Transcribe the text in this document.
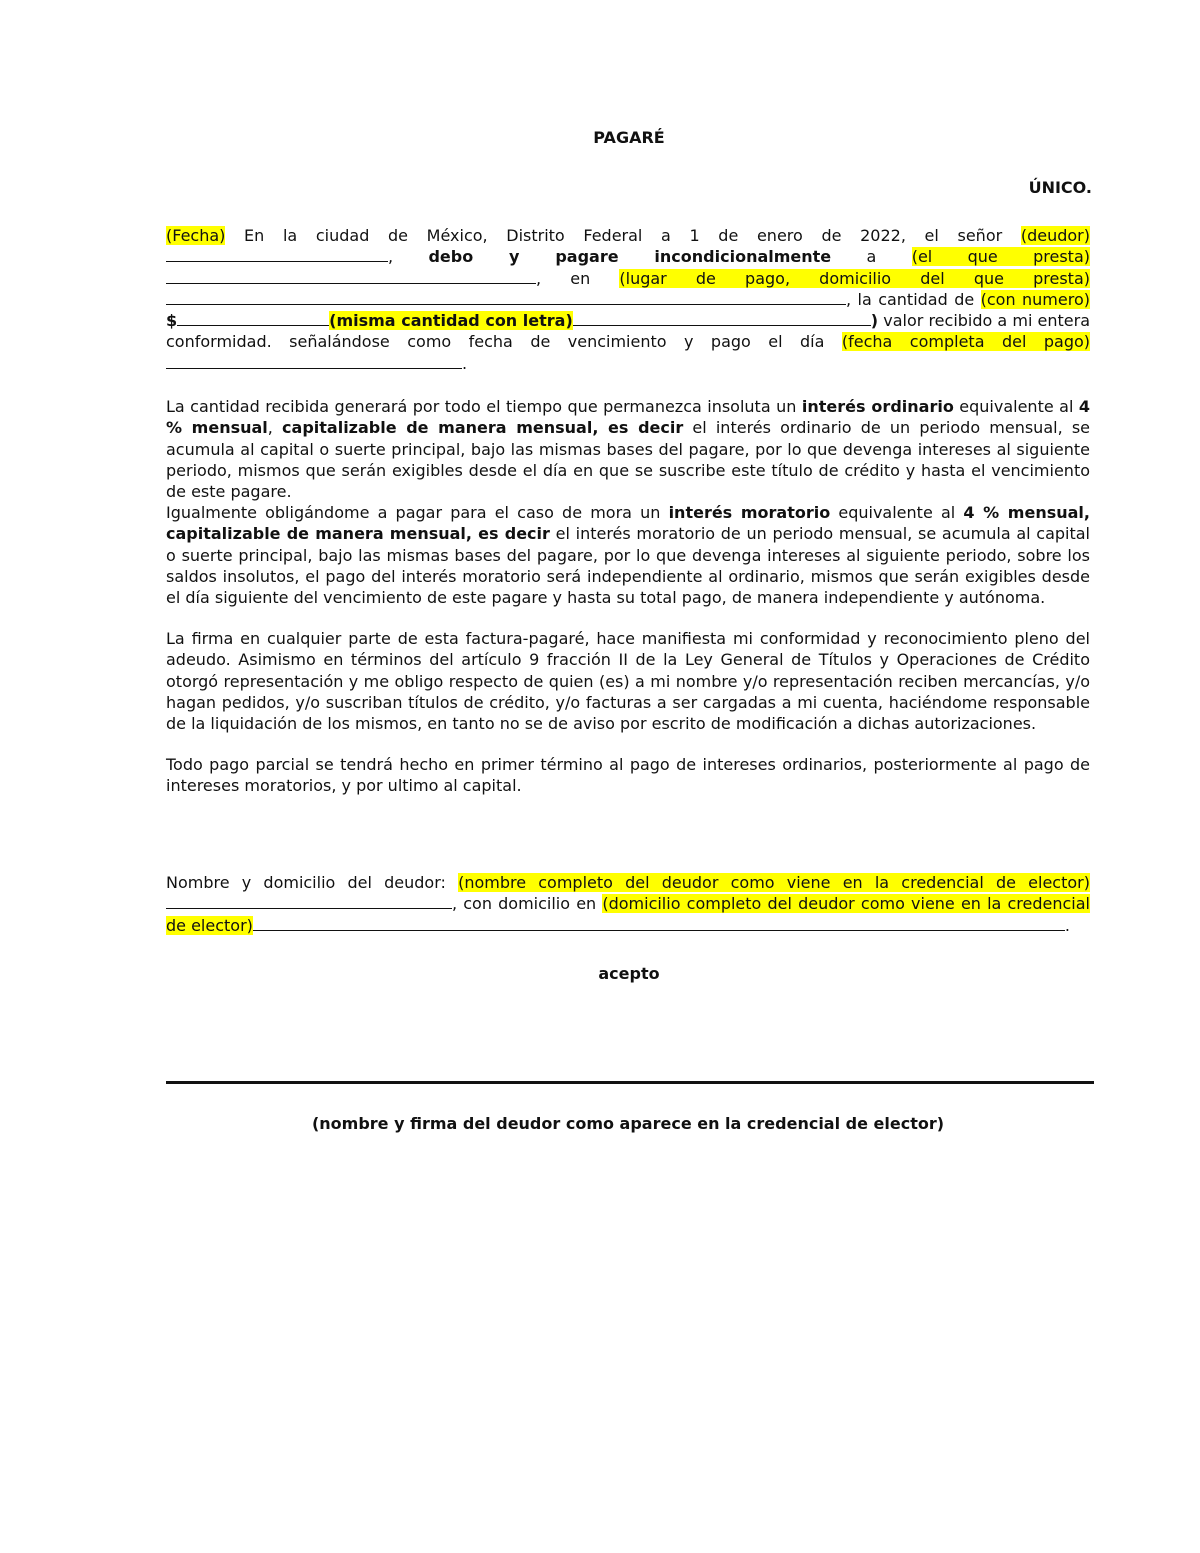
PAGARÉ
ÚNICO.
(Fecha) En la ciudad de México, Distrito Federal a 1 de enero de 2022, el señor (deudor) , debo y pagare incondicionalmente a (el que presta), en (lugar de pago, domicilio del que presta) , la cantidad de (con numero) $	(misma cantidad con letra)	) valor recibido a mi entera conformidad. señalándose como fecha de vencimiento y pago el día (fecha completa del pago).
La cantidad recibida generará por todo el tiempo que permanezca insoluta un interés ordinario equivalente al 4 % mensual, capitalizable de manera mensual, es decir el interés ordinario de un periodo mensual, se acumula al capital o suerte principal, bajo las mismas bases del pagare, por lo que devenga intereses al siguiente periodo, mismos que serán exigibles desde el día en que se suscribe este título de crédito y hasta el vencimiento de este pagare.
Igualmente obligándome a pagar para el caso de mora un interés moratorio equivalente al 4 % mensual, capitalizable de manera mensual, es decir el interés moratorio de un periodo mensual, se acumula al capital o suerte principal, bajo las mismas bases del pagare, por lo que devenga intereses al siguiente periodo, sobre los saldos insolutos, el pago del interés moratorio será independiente al ordinario, mismos que serán exigibles desde el día siguiente del vencimiento de este pagare y hasta su total pago, de manera independiente y autónoma.
La firma en cualquier parte de esta factura-pagaré, hace manifiesta mi conformidad y reconocimiento pleno del adeudo. Asimismo en términos del artículo 9 fracción II de la Ley General de Títulos y Operaciones de Crédito otorgó representación y me obligo respecto de quien (es) a mi nombre y/o representación reciben mercancías, y/o hagan pedidos, y/o suscriban títulos de crédito, y/o facturas a ser cargadas a mi cuenta, haciéndome responsable de la liquidación de los mismos, en tanto no se de aviso por escrito de modificación a dichas autorizaciones.
Todo pago parcial se tendrá hecho en primer término al pago de intereses ordinarios, posteriormente al pago de intereses moratorios, y por ultimo al capital.
Nombre y domicilio del deudor: (nombre completo del deudor como viene en la credencial de elector) , con domicilio en (domicilio completo del deudor como viene en la credencial de elector)	.
acepto
(nombre y firma del deudor como aparece en la credencial de elector)
